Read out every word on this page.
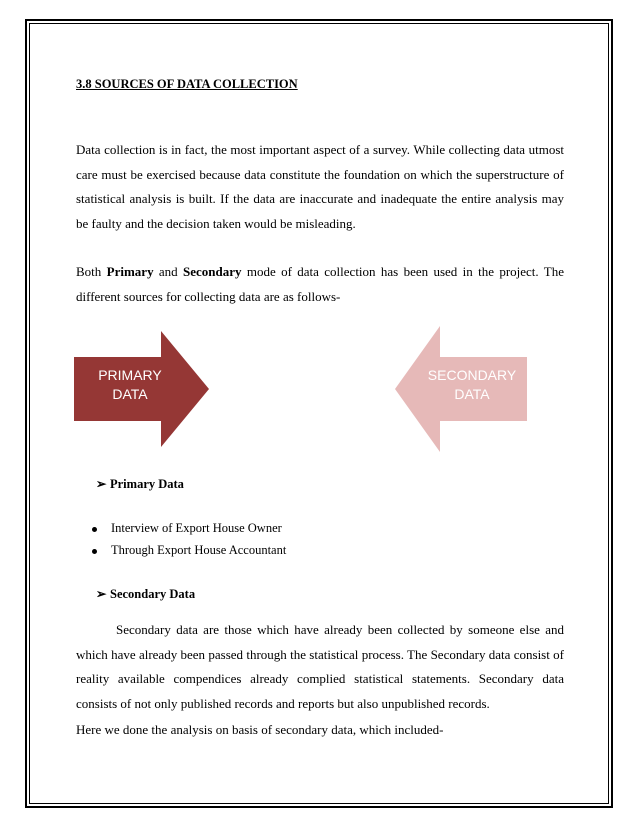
3.8 SOURCES OF DATA COLLECTION
Data collection is in fact, the most important aspect of a survey. While collecting data utmost care must be exercised because data constitute the foundation on which the superstructure of statistical analysis is built. If the data are inaccurate and inadequate the entire analysis may be faulty and the decision taken would be misleading.
Both Primary and Secondary mode of data collection has been used in the project. The different sources for collecting data are as follows-
PRIMARY
DATA
SECONDARY
DATA
➢ Primary Data
Interview of Export House Owner
Through Export House Accountant
➢ Secondary Data
Secondary data are those which have already been collected by someone else and which have already been passed through the statistical process. The Secondary data consist of reality available compendices already complied statistical statements. Secondary data consists of not only published records and reports but also unpublished records.
Here we done the analysis on basis of secondary data, which included-
